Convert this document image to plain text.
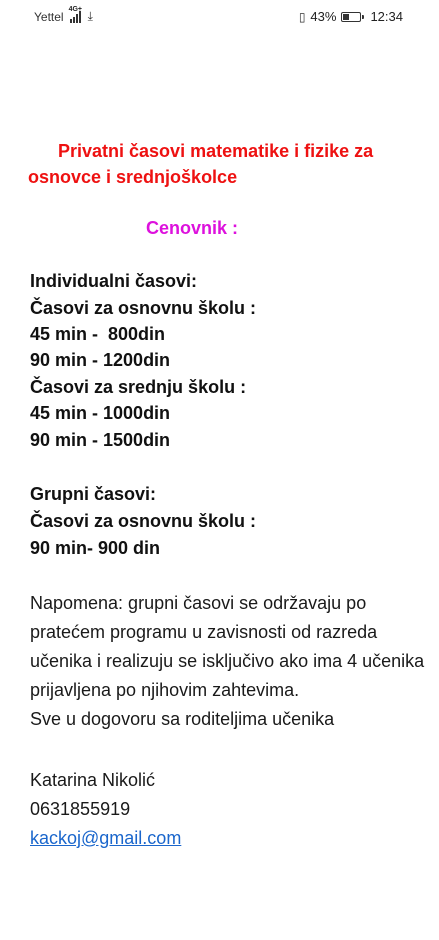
Yettel
4G+ ⤓	▯ 43%	12:34
Privatni časovi matematike i fizike za osnovce i srednjoškolce
Cenovnik :
Individualni časovi:
Časovi za osnovnu školu :
45 min -  800din
90 min - 1200din
Časovi za srednju školu :
45 min - 1000din
90 min - 1500din
Grupni časovi:
Časovi za osnovnu školu :
90 min- 900 din
Napomena: grupni časovi se održavaju po pratećem programu u zavisnosti od razreda učenika i realizuju se isključivo ako ima 4 učenika prijavljena po njihovim zahtevima.
Sve u dogovoru sa roditeljima učenika
Katarina Nikolić
0631855919
kackoj@gmail.com
